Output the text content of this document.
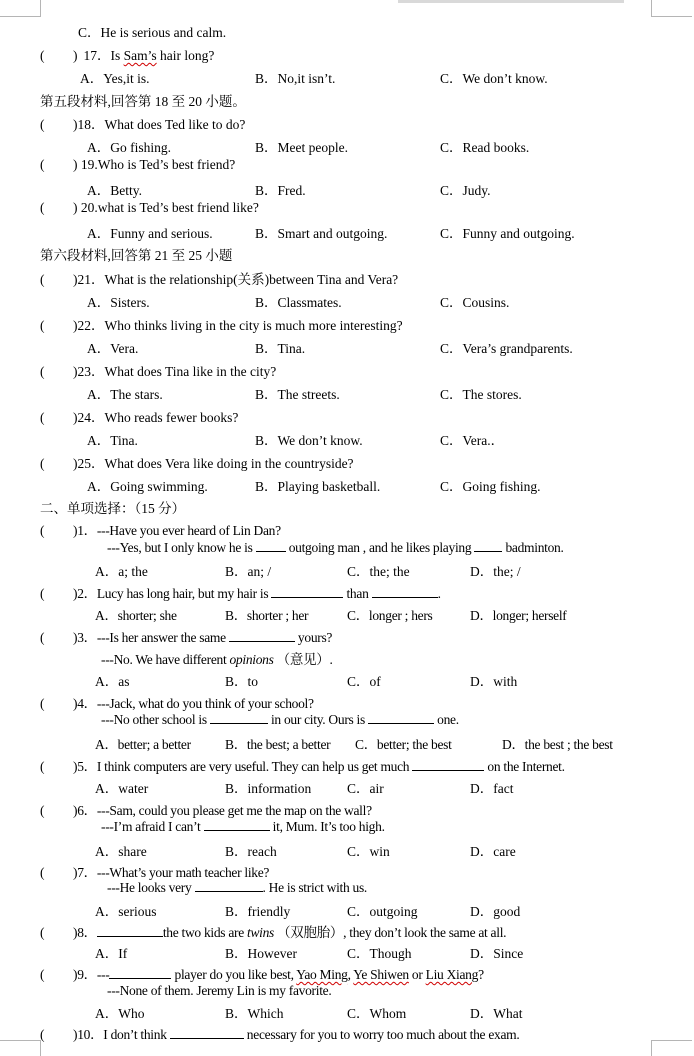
C．He is serious and calm.
( ) 17．Is Sam’s hair long?
A．Yes,it is.	B．No,it isn’t.	C．We don’t know.
第五段材料,回答第 18 至 20 小题。
( )18．What does Ted like to do?
A．Go fishing.	B．Meet people.	C．Read books.
( ) 19.Who is Ted’s best friend?
A．Betty.	B．Fred.	C．Judy.
( ) 20.what is Ted’s best friend like?
A．Funny and serious.	B．Smart and outgoing.	C．Funny and outgoing.
第六段材料,回答第 21 至 25 小题
( )21．What is the relationship(关系)between Tina and Vera?
A．Sisters.	B．Classmates.	C．Cousins.
( )22．Who thinks living in the city is much more interesting?
A．Vera.	B．Tina.	C．Vera’s grandparents.
( )23．What does Tina like in the city?
A．The stars.	B．The streets.	C．The stores.
( )24．Who reads fewer books?
A．Tina.	B．We don’t know.	C．Vera.．
( )25．What does Vera like doing in the countryside?
A．Going swimming.	B．Playing basketball.	C．Going fishing.
二、单项选择：（15 分）
( )1．---Have you ever heard of Lin Dan?
---Yes, but I only know he is  outgoing man , and he likes playing  badminton.
A．a; the	B．an; /	C．the; the	D．the; /
( )2．Lucy has long hair, but my hair is	than	.
A．shorter; she	B．shorter ; her	C．longer ; hers	D．longer; herself
( )3．---Is her answer the same	yours?
---No. We have different opinions （意见）.
A．as	B．to	C．of	D．with
( )4．---Jack, what do you think of your school?
---No other school is	in our city. Ours is	one.
A．better; a better	B．the best; a better C．better; the best	D．the best ; the best
( )5．I think computers are very useful. They can help us get much	on the Internet.
A．water	B．information	C．air	D．fact
( )6．---Sam, could you please get me the map on the wall?
---I’m afraid I can’t	it, Mum. It’s too high.
A．share	B．reach	C．win	D．care
( )7．---What’s your math teacher like?
---He looks very	. He is strict with us.
A．serious	B．friendly	C．outgoing	D．good
( )8．	the two kids are twins （双胞胎）, they don’t look the same at all.
A．If	B．However	C．Though	D．Since
( )9．---	player do you like best, Yao Ming, Ye Shiwen or Liu Xiang?
---None of them. Jeremy Lin is my favorite.
A．Who	B．Which	C．Whom	D．What
( )10．I don’t think	necessary for you to worry too much about the exam.
